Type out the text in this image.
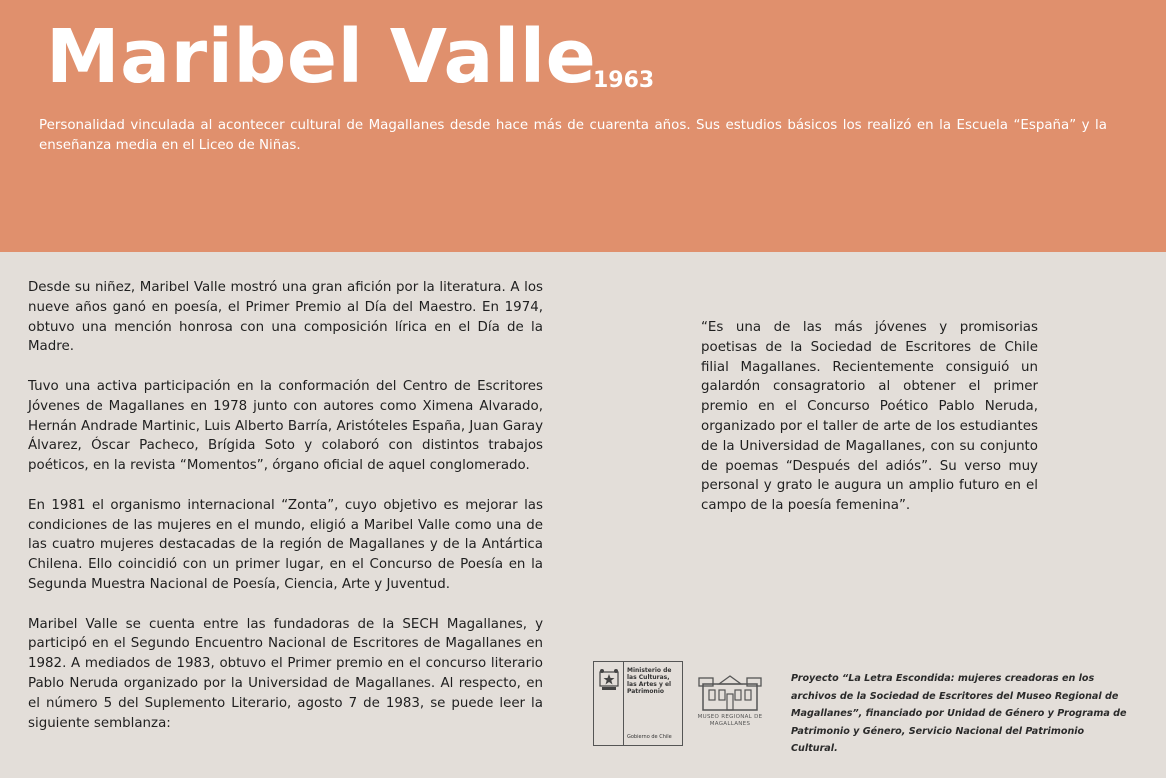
Maribel Valle
1963

Personalidad vinculada al acontecer cultural de Magallanes desde hace más de cuarenta años. Sus estudios básicos los realizó en la Escuela “España” y la enseñanza media en el Liceo de Niñas.

Desde su niñez, Maribel Valle mostró una gran afición por la literatura. A los nueve años ganó en poesía, el Primer Premio al Día del Maestro. En 1974, obtuvo una mención honrosa con una composición lírica en el Día de la Madre.

Tuvo una activa participación en la conformación del Centro de Escritores Jóvenes de Magallanes en 1978 junto con autores como Ximena Alvarado, Hernán Andrade Martinic, Luis Alberto Barría, Aristóteles España, Juan Garay Álvarez, Óscar Pacheco, Brígida Soto y colaboró con distintos trabajos poéticos, en la revista “Momentos”, órgano oficial de aquel conglomerado.

En 1981 el organismo internacional “Zonta”, cuyo objetivo es mejorar las condiciones de las mujeres en el mundo, eligió a Maribel Valle como una de las cuatro mujeres destacadas de la región de Magallanes y de la Antártica Chilena. Ello coincidió con un primer lugar, en el Concurso de Poesía en la Segunda Muestra Nacional de Poesía, Ciencia, Arte y Juventud.

Maribel Valle se cuenta entre las fundadoras de la SECH Magallanes, y participó en el Segundo Encuentro Nacional de Escritores de Magallanes en 1982. A mediados de 1983, obtuvo el Primer premio en el concurso literario Pablo Neruda organizado por la Universidad de Magallanes. Al respecto, en el número 5 del Suplemento Literario, agosto 7 de 1983, se puede leer la siguiente semblanza:

“Es una de las más jóvenes y promisorias poetisas de la Sociedad de Escritores de Chile filial Magallanes. Recientemente consiguió un galardón consagratorio al obtener el primer premio en el Concurso Poético Pablo Neruda, organizado por el taller de arte de los estudiantes de la Universidad de Magallanes, con su conjunto de poemas “Después del adiós”. Su verso muy personal y grato le augura un amplio futuro en el campo de la poesía femenina”.

Ministerio de las Culturas, las Artes y el Patrimonio
Gobierno de Chile
MUSEO REGIONAL DE MAGALLANES

Proyecto “La Letra Escondida: mujeres creadoras en los archivos de la Sociedad de Escritores del Museo Regional de Magallanes”, financiado por Unidad de Género y Programa de Patrimonio y Género, Servicio Nacional del Patrimonio Cultural.
